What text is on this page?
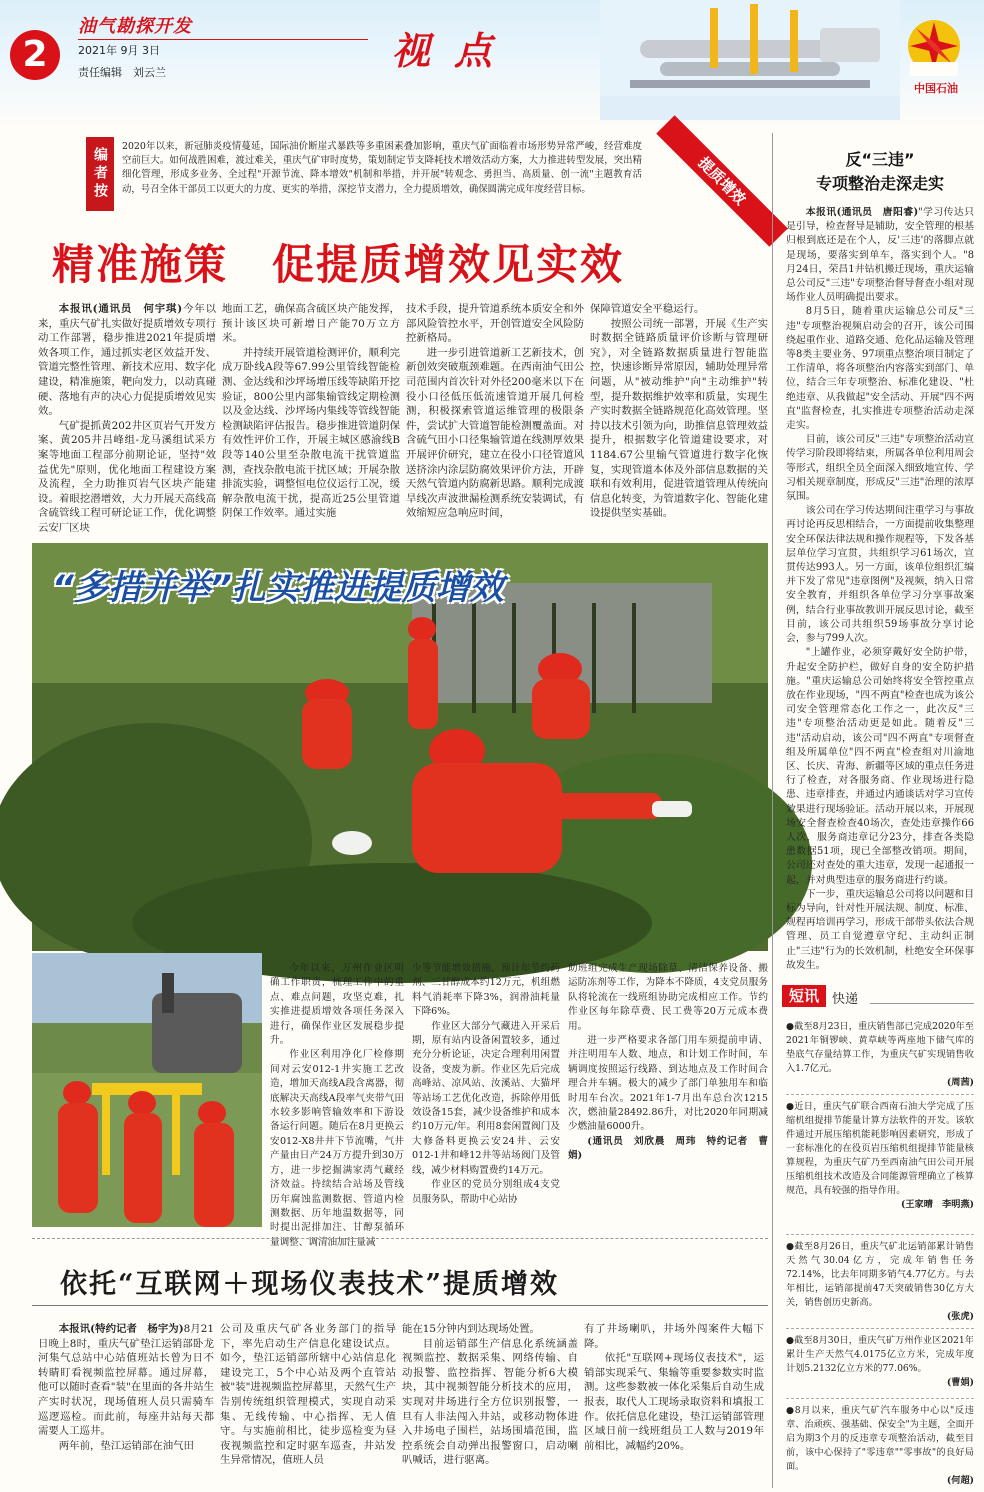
2
油气勘探开发
2021年 9月 3日
责任编辑　刘云兰	视点
中国石油
编者按
2020年以来，新冠肺炎疫情蔓延，国际油价断崖式暴跌等多重困素叠加影响，重庆气矿面临着市场形势异常严峻，经营难度空前巨大。如何战胜困难，渡过难关，重庆气矿审时度势，策划制定节支降耗技术增效活动方案，大力推进转型发展，突出精细化管理，形成多业务、全过程"开源节流、降本增效"机制和举措，并开展"转观念、勇担当、高质量、创一流"主题教育活动，号召全体干部员工以更大的力度、更实的举措，深挖节支潜力，全力提质增效，确保圆满完成年度经营目标。	提质增效
精准施策　促提质增效见实效

本报讯(通讯员　何宇琪)今年以来，重庆气矿扎实做好提质增效专项行动工作部署，稳步推进2021年提质增效各项工作，通过抓实老区效益开发、管道完整性管理、新技术应用、数字化建设，精准施策，靶向发力，以动真碰硬、落地有声的决心力促提质增效见实效。

气矿提抓黄202井区页岩气开发方案、黄205井吕峰组-龙马溪组试采方案等地面工程部分前期论证，坚持"效益优先"原则，优化地面工程建设方案及流程，全力助推页岩气区块产能建设。着眼挖潜增效，大力开展天高线高含硫管线工程可研论证工作，优化调整云安厂区块

地面工艺，确保高含硫区块产能发挥，预计该区块可新增日产能70万立方米。

并持续开展管道检测评价，顺利完成万卧线A段等67.99公里管线智能检测、金达线和沙坪场增压线等缺陷开挖验证，800公里内部集输管线定期检测以及金达线、沙坪场内集线等管线智能检测缺陷评估报告。稳步推进管道阴保有效性评价工作，开展主城区感渝线B段等140公里至杂散电流干扰管道监测，查找杂散电流干扰区域；开展杂散排流实验，调整恒电位仪运行工况，缓解杂散电流干扰，提高近25公里管道阴保工作效率。通过实施

技术手段，提升管道系统本质安全和外部风险管控水平，开创管道安全风险防控新格局。

进一步引进管道新工艺新技术，创新创效突破瓶颈难题。在西南油气田公司范围内首次针对外径200毫米以下在役小口径低压低流速管道开展几何检测，积极探索管道运维管理的极限条件，尝试扩大管道智能检测覆盖面。对含硫气田小口径集输管道在线测厚效果开展评价研究，建立在役小口径管道风送挤涂内涂层防腐效果评价方法，开辟天然气管道内防腐新思路。顺利完成渡旱线次声波泄漏检测系统安装调试，有效缩短应急响应时间，

保障管道安全平稳运行。

按照公司统一部署，开展《生产实时数据全链路质量评价诊断与管理研究》，对全链路数据质量进行智能监控，快速诊断异常原因，辅助处理异常问题，从"被动维护"向"主动维护"转型，提升数据维护效率和质量，实现生产实时数据全链路规范化高效管理。坚持以技术引领为向，助推信息管理效益提升，根据数字化管道建设要求，对1184.67公里输气管道进行数字化恢复，实现管道本体及外部信息数据的关联和有效利用，促进管道管理从传统向信息化转变，为管道数字化、智能化建设提供坚实基础。

“多措并举”扎实推进提质增效

今年以来，万州作业区明确工作职责，梳理工作中的重点、难点问题，攻坚克难，扎实推进提质增效各项任务深入进行，确保作业区发展稳步提升。

作业区利用净化厂检修期间对云安012-1井实施工艺改造，增加天高线A段含离器，彻底解决天高线A段率气夹带气田水较多影响管输效率和下游设备运行问题。随后在8月更换云安012-X8井井下节流嘴，气井产量由日产24万方提升到30万方，进一步挖掘满家湾气藏经济效益。持续结合站场及管线历年腐蚀监测数据、管道内检测数据、历年地温数据等，同时提出泥排加注、甘醇泵循环量调整、调清油加注量减

少等节能增效措施，预计年节约药剂、三甘醇成本约12万元，机组燃料气消耗率下降3%，润滑油耗量下降6%。

作业区大部分气藏进入开采后期，原有站内设备闲置较多，通过充分分析论证，决定合理利用闲置设备，变废为新。作业区先后完成高峰站、凉风站、汝溪站、大猫坪等站场工艺优化改造，拆除停用低效设备15套，减少设备维护和成本约10万元/年。利用8套闲置阀门及大修备料更换云安24井、云安012-1井和峰12井等站场阀门及管线，减少材料购置费约14万元。

作业区的党员分别组成4支党员服务队，帮助中心站协

助班组完成生产现场除草、清洁保养设备、搬运防冻剂等工作，为降本不降质，4支党员服务队将轮流在一线班组协助完成相应工作。节约作业区每年除草费、民工费等20万元成本费用。

进一步严格要求各部门用车须提前申请、并注明用车人数、地点，和计划工作时间，车辆调度按照运行线路、到达地点及工作时间合理合并车辆。极大的减少了部门单独用车和临时用车台次。2021年1-7月出车总台次1215次，燃油量28492.86升，对比2020年同期减少燃油量6000升。

(通讯员　刘欣晨　周玮　特约记者　曹娟)

依托“互联网＋现场仪表技术”提质增效

本报讯(特约记者　杨宇为)8月21日晚上8时，重庆气矿垫江运销部卧龙河集气总站中心站值班站长曾为日不转睛盯看视频监控屏幕。通过屏幕，他可以随时查看"装"在里面的各井站生产实时状况，现场值班人员只需骑车巡逻巡检。而此前，每座井站每天都需要人工巡井。

两年前，垫江运销部在油气田

公司及重庆气矿各业务部门的指导下，率先启动生产信息化建设试点。如今，垫江运销部所辖中心站信息化建设完工，5个中心站及两个直管站被"装"进视频监控屏幕里，天然气生产告别传统组织管理模式，实现自动采集、无线传输、中心指挥、无人值守。与实施前相比，徒步巡检变为昼夜视频监控和定时驱车巡查，井站发生异常情况，值班人员

能在15分钟内到达现场处置。

目前运销部生产信息化系统涵盖视频监控、数据采集、网络传输、自动报警、监控指挥、智能分析6大模块，其中视频智能分析技术的应用，实现对井场进行全方位识别报警，一旦有人非法闯入井站，或移动物体进入井场电子围栏，站场围墙范围，监控系统会自动弹出报警窗口，启动喇叭喊话，进行驱离。

有了井场喇叭，井场外闯案件大幅下降。

依托"互联网+现场仪表技术"，运销部实现采气、集输等重要参数实时监测。这些参数被一体化采集后自动生成报表，取代人工现场录取资料和填报工作。依托信息化建设，垫江运销部管理区域日前一线班组员工人数与2019年前相比，减幅约20%。

反“三违”
专项整治走深走实

本报讯(通讯员　唐阳睿)"学习传达只是引导，检查督导是辅助，安全管理的根基归根到底还是在个人，反'三违'的落脚点就是现场，要落实到单车，落实到个人。"8月24日，荣昌1井钻机搬迁现场，重庆运输总公司反"三违"专项整治督导督查小组对现场作业人员明确提出要求。

8月5日，随着重庆运输总公司反"三违"专项整治视频启动会的召开，该公司围绕起重作业、道路交通、危化品运输及管理等8类主要业务、97项重点整治项目制定了工作清单，将各项整治内容落实到部门、单位，结合三年专项整治、标准化建设、"杜绝违章、从我做起"安全活动、开展"四不两直"监督检查，扎实推进专项整治活动走深走实。

目前，该公司反"三违"专项整治活动宣传学习阶段即将结束，所属各单位利用周会等形式，组织全员全面深入细致地宣传、学习相关规章制度，形成反"三违"治理的浓厚氛围。

该公司在学习传达期间注重学习与事故再讨论再反思相结合，一方面提前收集整理安全环保法律法规和操作规程等，下发各基层单位学习宣贯，共组织学习61场次，宣贯传达993人。另一方面，该单位组织汇编并下发了常见"违章图例"及视频，纳入日常安全教育，并组织各单位学习分享事故案例，结合行业事故教训开展反思讨论，截至目前，该公司共组织59场事故分享讨论会，参与799人次。

"上罐作业，必须穿戴好安全防护带，升起安全防护栏，做好自身的安全防护措施。"重庆运输总公司始终将安全管控重点放在作业现场，"四不两直"检查也成为该公司安全管理常态化工作之一，此次反"三违"专项整治活动更是如此。随着反"三违"活动启动，该公司"四不两直"专项督查组及所属单位"四不两直"检查组对川渝地区、长庆、青海、新疆等区域的重点任务进行了检查，对各服务商、作业现场进行隐患、违章排查，并通过内通谈话对学习宣传效果进行现场验证。活动开展以来，开展现场安全督查检查40场次，查处违章操作66人次，服务商违章记分23分，排查各类隐患数据51项，现已全部整改销项。期间，公司还对查处的重大违章，发现一起通报一起，并对典型违章的服务商进行约谈。

下一步，重庆运输总公司将以问题和目标为导向，针对性开展法规、制度、标准、规程再培训再学习，形成干部带头依法合规管理、员工自觉遵章守纪、主动纠正制止"三违"行为的长效机制，杜绝安全环保事故发生。

短讯	快递
●截至8月23日，重庆销售部已完成2020年至2021年铜锣峡、黄草峡等两座地下储气库的垫底气存量结算工作，为重庆气矿实现销售收入1.7亿元。
(周茜)
●近日，重庆气矿联合西南石油大学完成了压缩机组提排节能量计算方法软件的开发。该软件通过开展压缩机能耗影响因素研究，形成了一套标准化的在役页岩压缩机组提排节能量核算规程，为重庆气矿乃至西南油气田公司开展压缩机组技术改造及合同能源管理确立了核算规范，具有较强的指导作用。
(王家晴　李明燕)
●截至8月26日，重庆气矿北运销部累计销售天然气30.04亿方，完成年销售任务72.14%，比去年同期多销气4.77亿方。与去年相比，运销部提前47天突破销售30亿方大关，销售创历史新高。
(张虎)
●截至8月30日，重庆气矿万州作业区2021年累计生产天然气4.0175亿立方米，完成年度计划5.2132亿立方米的77.06%。
(曹娟)
●8月以来，重庆气矿汽车服务中心以"反违章、治顽疾、强基础、保安全"为主题，全面开启为期3个月的反违章专项整治活动，截至目前，该中心保持了"零违章""零事故"的良好局面。
(何超)
